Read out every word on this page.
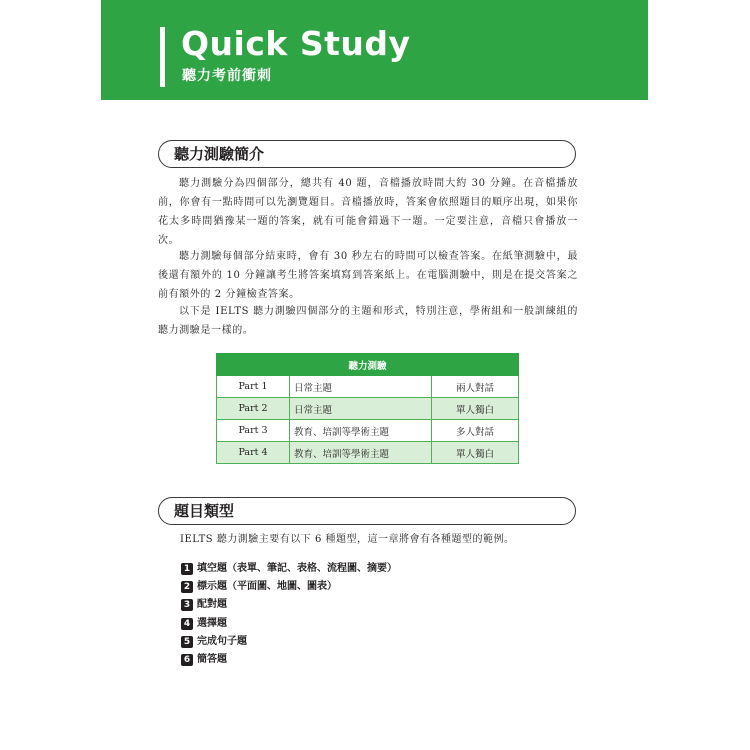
Quick Study
聽力考前衝刺
聽力測驗簡介

聽力測驗分為四個部分，總共有 40 題，音檔播放時間大約 30 分鐘。在音檔播放前，你會有一點時間可以先瀏覽題目。音檔播放時，答案會依照題目的順序出現，如果你花太多時間猶豫某一題的答案，就有可能會錯過下一題。一定要注意，音檔只會播放一次。

聽力測驗每個部分結束時，會有 30 秒左右的時間可以檢查答案。在紙筆測驗中，最後還有額外的 10 分鐘讓考生將答案填寫到答案紙上。在電腦測驗中，則是在提交答案之前有額外的 2 分鐘檢查答案。

以下是 IELTS 聽力測驗四個部分的主題和形式，特別注意，學術組和一般訓練組的聽力測驗是一樣的。

聽力測驗		
Part 1	日常主題	兩人對話
Part 2	日常主題	單人獨白
Part 3	教育、培訓等學術主題	多人對話
Part 4	教育、培訓等學術主題	單人獨白
題目類型

IELTS 聽力測驗主要有以下 6 種題型，這一章將會有各種題型的範例。

1 填空題（表單、筆記、表格、流程圖、摘要）
2 標示題（平面圖、地圖、圖表）
3 配對題
4 選擇題
5 完成句子題
6 簡答題
